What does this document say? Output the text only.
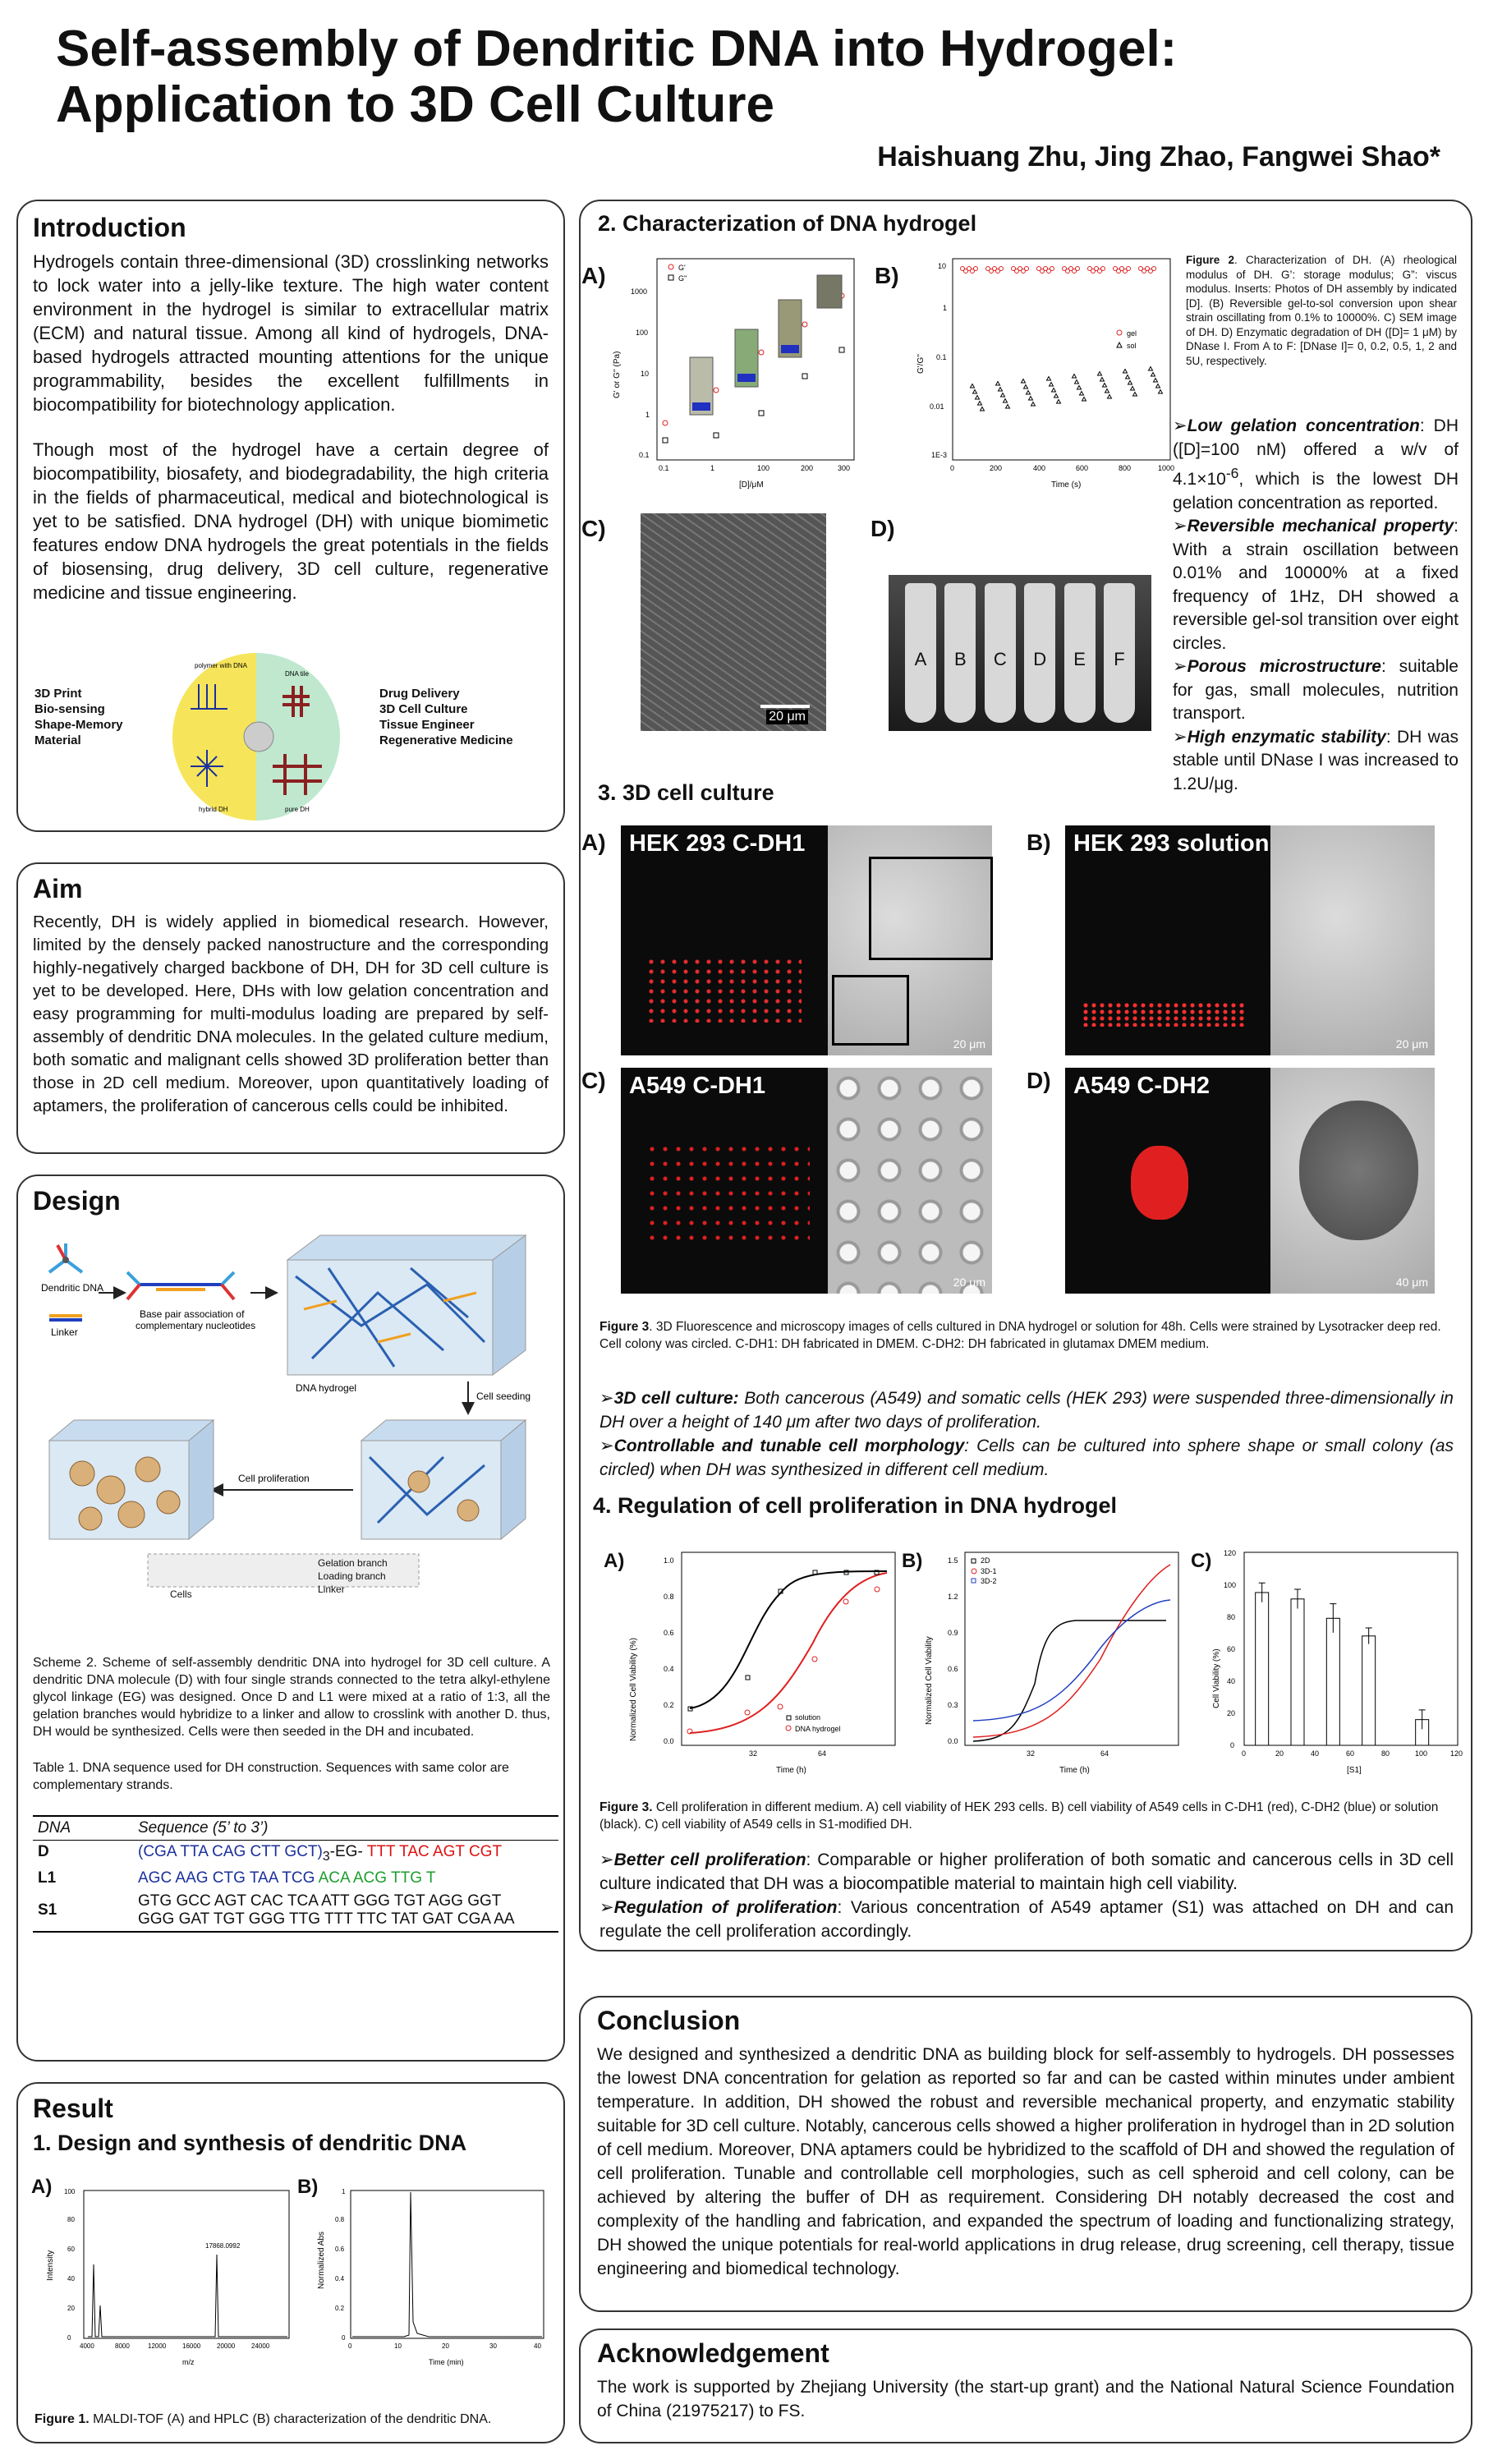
Self-assembly of Dendritic DNA into Hydrogel:
Application to 3D Cell Culture
Haishuang Zhu, Jing Zhao, Fangwei Shao*
Introduction
Hydrogels contain three-dimensional (3D) crosslinking networks to lock water into a jelly-like texture. The high water content environment in the hydrogel is similar to extracellular matrix (ECM) and natural tissue. Among all kind of hydrogels, DNA-based hydrogels attracted mounting attentions for the unique programmability, besides the excellent fulfillments in biocompatibility for biotechnology application.
Though most of the hydrogel have a certain degree of biocompatibility, biosafety, and biodegradability, the high criteria in the fields of pharmaceutical, medical and biotechnological is yet to be satisfied. DNA hydrogel (DH) with unique biomimetic features endow DNA hydrogels the great potentials in the fields of biosensing, drug delivery, 3D cell culture, regenerative medicine and tissue engineering.
3D Print
Bio-sensing
Shape-Memory
Material
Drug Delivery
3D Cell Culture
Tissue Engineer
Regenerative Medicine
polymer with DNA
DNA tile
hybrid DH	pure DH
Aim
Recently, DH is widely applied in biomedical research. However, limited by the densely packed nanostructure and the corresponding highly-negatively charged backbone of DH, DH for 3D cell culture is yet to be developed. Here, DHs with low gelation concentration and easy programming for multi-modulus loading are prepared by self-assembly of dendritic DNA molecules. In the gelated culture medium, both somatic and malignant cells showed 3D proliferation better than those in 2D cell medium. Moreover, upon quantitatively loading of aptamers, the proliferation of cancerous cells could be inhibited.
Design
Dendritic DNA
Linker
Base pair association of
complementary nucleotides
DNA hydrogel
Cell seeding
Cell proliferation
Cells
Gelation branch
Loading branch
Linker
Scheme 2. Scheme of self-assembly dendritic DNA into hydrogel for 3D cell culture. A dendritic DNA molecule (D) with four single strands connected to the tetra alkyl-ethylene glycol linkage (EG) was designed. Once D and L1 were mixed at a ratio of 1:3, all the gelation branches would hybridize to a linker and allow to crosslink with another D. thus, DH would be synthesized. Cells were then seeded in the DH and incubated.
Table 1. DNA sequence used for DH construction. Sequences with same color are complementary strands.
DNA	Sequence (5’ to 3’)
D	(CGA TTA CAG CTT $GCT)_3-EG-$ TTT TAC AGT CGT
L1	AGC AAG CTG TAA TCG ACA ACG TTG T
S1	GTG GCC AGT CAC TCA ATT GGG TGT AGG GGT
GGG GAT TGT GGG TTG TTT TTC TAT GAT CGA AA
Result
1. Design and synthesis of dendritic DNA
A)	B)
Intensity
0
20
40
60
80
100
4000	8000	12000 16000 20000 24000
m/z
17868.0992	Normalized Abs
0
0.2
0.4
0.6
0.8
1
0	10	20	30	40
Time (min)
Figure 1. MALDI-TOF (A) and HPLC (B) characterization of the dendritic DNA.
2. Characterization of DNA hydrogel
A)	B)
G' or G'' (Pa)
0.1
1
10
100
1000
0.1	1	100	200	300
[D]/μM
G'
G''
G'/G''
1E-3
0.01
0.1
1
10
0	200	400	600	800	1000
Time (s)
gel
sol
Figure 2. Characterization of DH. (A) rheological modulus of DH. G’: storage modulus; G”: viscus modulus. Inserts: Photos of DH assembly by indicated [D]. (B) Reversible gel-to-sol conversion upon shear strain oscillating from 0.1% to 10000%. C) SEM image of DH. D) Enzymatic degradation of DH ([D]= 1 μM) by DNase I. From A to F: [DNase I]= 0, 0.2, 0.5, 1, 2 and 5U, respectively.

➢Low gelation concentration: DH ([D]=100 nM) offered a w/v of $4.1\times 10^{-6}$, which is the lowest DH gelation concentration as reported.

➢Reversible mechanical property: With a strain oscillation between 0.01% and 10000% at a fixed frequency of 1Hz, DH showed a reversible gel-sol transition over eight circles.

➢Porous microstructure: suitable for gas, small molecules, nutrition transport.

➢High enzymatic stability: DH was stable until DNase I was increased to 1.2U/μg.

C)
20 μm
D)
A	B	C	D	E	F
3. 3D cell culture
A) HEK 293 C-DH1
20 μm
B) HEK 293 solution
20 μm
C) A549 C-DH1
20 μm
D) A549 C-DH2
40 μm
Figure 3. 3D Fluorescence and microscopy images of cells cultured in DNA hydrogel or solution for 48h. Cells were strained by Lysotracker deep red. Cell colony was circled. C-DH1: DH fabricated in DMEM. C-DH2: DH fabricated in glutamax DMEM medium.

➢3D cell culture: Both cancerous (A549) and somatic cells (HEK 293) were suspended three-dimensionally in DH over a height of 140 μm after two days of proliferation.

➢Controllable and tunable cell morphology: Cells can be cultured into sphere shape or small colony (as circled) when DH was synthesized in different cell medium.

4. Regulation of cell proliferation in DNA hydrogel
A)	B)	C)
Normalized Cell Viability (%)	0.0
0.2
0.4
0.6
0.8
1.0
32	64
Time (h)
solution
DNA hydrogel
Normalized Cell Viability
0.0
0.3
0.6
0.9
1.2
1.5
32	64
Time (h)
2D
3D-1
3D-2
Cell Viability (%)
0
20
40
60
80
100
120
0	20	40	60	80	100	120
[S1]
Figure 3. Cell proliferation in different medium. A) cell viability of HEK 293 cells. B) cell viability of A549 cells in C-DH1 (red), C-DH2 (blue) or solution (black). C) cell viability of A549 cells in S1-modified DH.

➢Better cell proliferation: Comparable or higher proliferation of both somatic and cancerous cells in 3D cell culture indicated that DH was a biocompatible material to maintain high cell viability.

➢Regulation of proliferation: Various concentration of A549 aptamer (S1) was attached on DH and can regulate the cell proliferation accordingly.

Conclusion
We designed and synthesized a dendritic DNA as building block for self-assembly to hydrogels. DH possesses the lowest DNA concentration for gelation as reported so far and can be casted within minutes under ambient temperature. In addition, DH showed the robust and reversible mechanical property, and enzymatic stability suitable for 3D cell culture. Notably, cancerous cells showed a higher proliferation in hydrogel than in 2D solution of cell medium. Moreover, DNA aptamers could be hybridized to the scaffold of DH and showed the regulation of cell proliferation. Tunable and controllable cell morphologies, such as cell spheroid and cell colony, can be achieved by altering the buffer of DH as requirement. Considering DH notably decreased the cost and complexity of the handling and fabrication, and expanded the spectrum of loading and functionalizing strategy, DH showed the unique potentials for real-world applications in drug release, drug screening, cell therapy, tissue engineering and biomedical technology.
Acknowledgement
The work is supported by Zhejiang University (the start-up grant) and the National Natural Science Foundation of China (21975217) to FS.
